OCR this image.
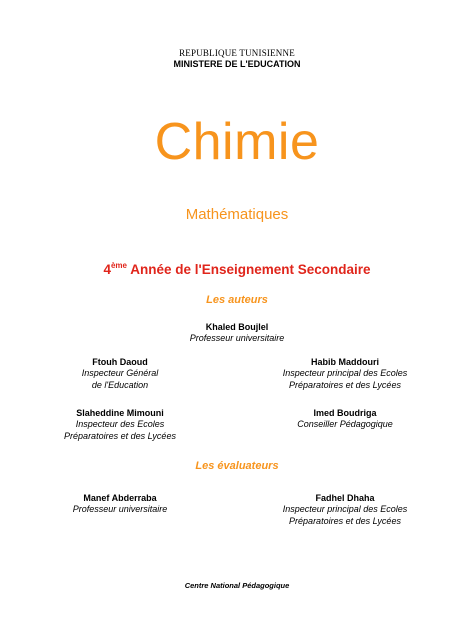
REPUBLIQUE TUNISIENNE
MINISTERE DE L'EDUCATION
Chimie
Mathématiques
4ème Année de l'Enseignement Secondaire
Les auteurs
Khaled Boujlel
Professeur universitaire
Ftouh Daoud
Inspecteur Général
de l'Education
Habib Maddouri
Inspecteur principal des Ecoles
Préparatoires et des Lycées
Slaheddine Mimouni
Inspecteur des Ecoles
Préparatoires et des Lycées
Imed Boudriga
Conseiller Pédagogique
Les évaluateurs
Manef Abderraba
Professeur universitaire
Fadhel Dhaha
Inspecteur principal des Ecoles
Préparatoires et des Lycées
Centre National Pédagogique
